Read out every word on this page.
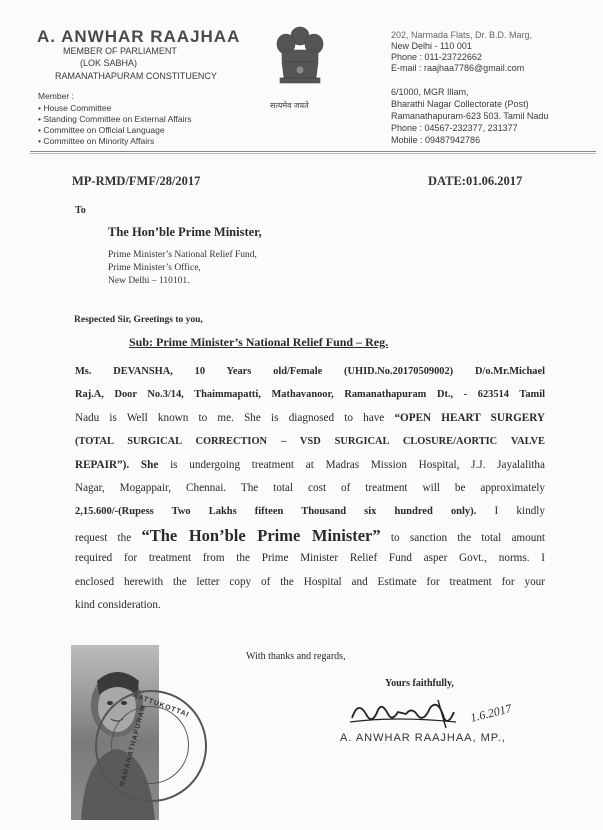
A. ANWHAR RAAJHAA
MEMBER OF PARLIAMENT
(LOK SABHA)
RAMANATHAPURAM CONSTITUENCY
Member :
• House Committee
• Standing Committee on External Affairs
• Committee on Official Language
• Committee on Minority Affairs
सत्यमेव जयते
202, Narmada Flats, Dr. B.D. Marg,
New Delhi - 110 001
Phone : 011-23722662
E-mail : raajhaa7786@gmail.com
6/1000, MGR Illam,
Bharathi Nagar Collectorate (Post)
Ramanathapuram-623 503. Tamil Nadu
Phone : 04567-232377, 231377
Mobile : 09487942786
MP-RMD/FMF/28/2017	DATE:01.06.2017
To
The Hon’ble Prime Minister,
Prime Minister’s National Relief Fund,
Prime Minister’s Office,
New Delhi – 110101.
Respected Sir, Greetings to you,
Sub: Prime Minister’s National Relief Fund – Reg.
Ms. DEVANSHA, 10 Years old/Female (UHID.No.20170509002) D/o.Mr.Michael
Raj.A, Door No.3/14, Thaimmapatti, Mathavanoor, Ramanathapuram Dt., - 623514 Tamil
Nadu is Well known to me. She is diagnosed to have “OPEN HEART SURGERY
(TOTAL SURGICAL CORRECTION – VSD SURGICAL CLOSURE/AORTIC VALVE
REPAIR”). She is undergoing treatment at Madras Mission Hospital, J.J. Jayalalitha
Nagar, Mogappair, Chennai. The total cost of treatment will be approximately
2,15.600/-(Rupess Two Lakhs fifteen Thousand six hundred only). I kindly
request the “The Hon’ble Prime Minister” to sanction the total amount
required for treatment from the Prime Minister Relief Fund asper Govt., norms. I
enclosed herewith the letter copy of the Hospital and Estimate for treatment for your
kind consideration.
RAMANATHAPURAM
NATTUKOTTAI
With thanks and regards,
Yours faithfully,
1.6.2017
A. ANWHAR RAAJHAA, MP.,
